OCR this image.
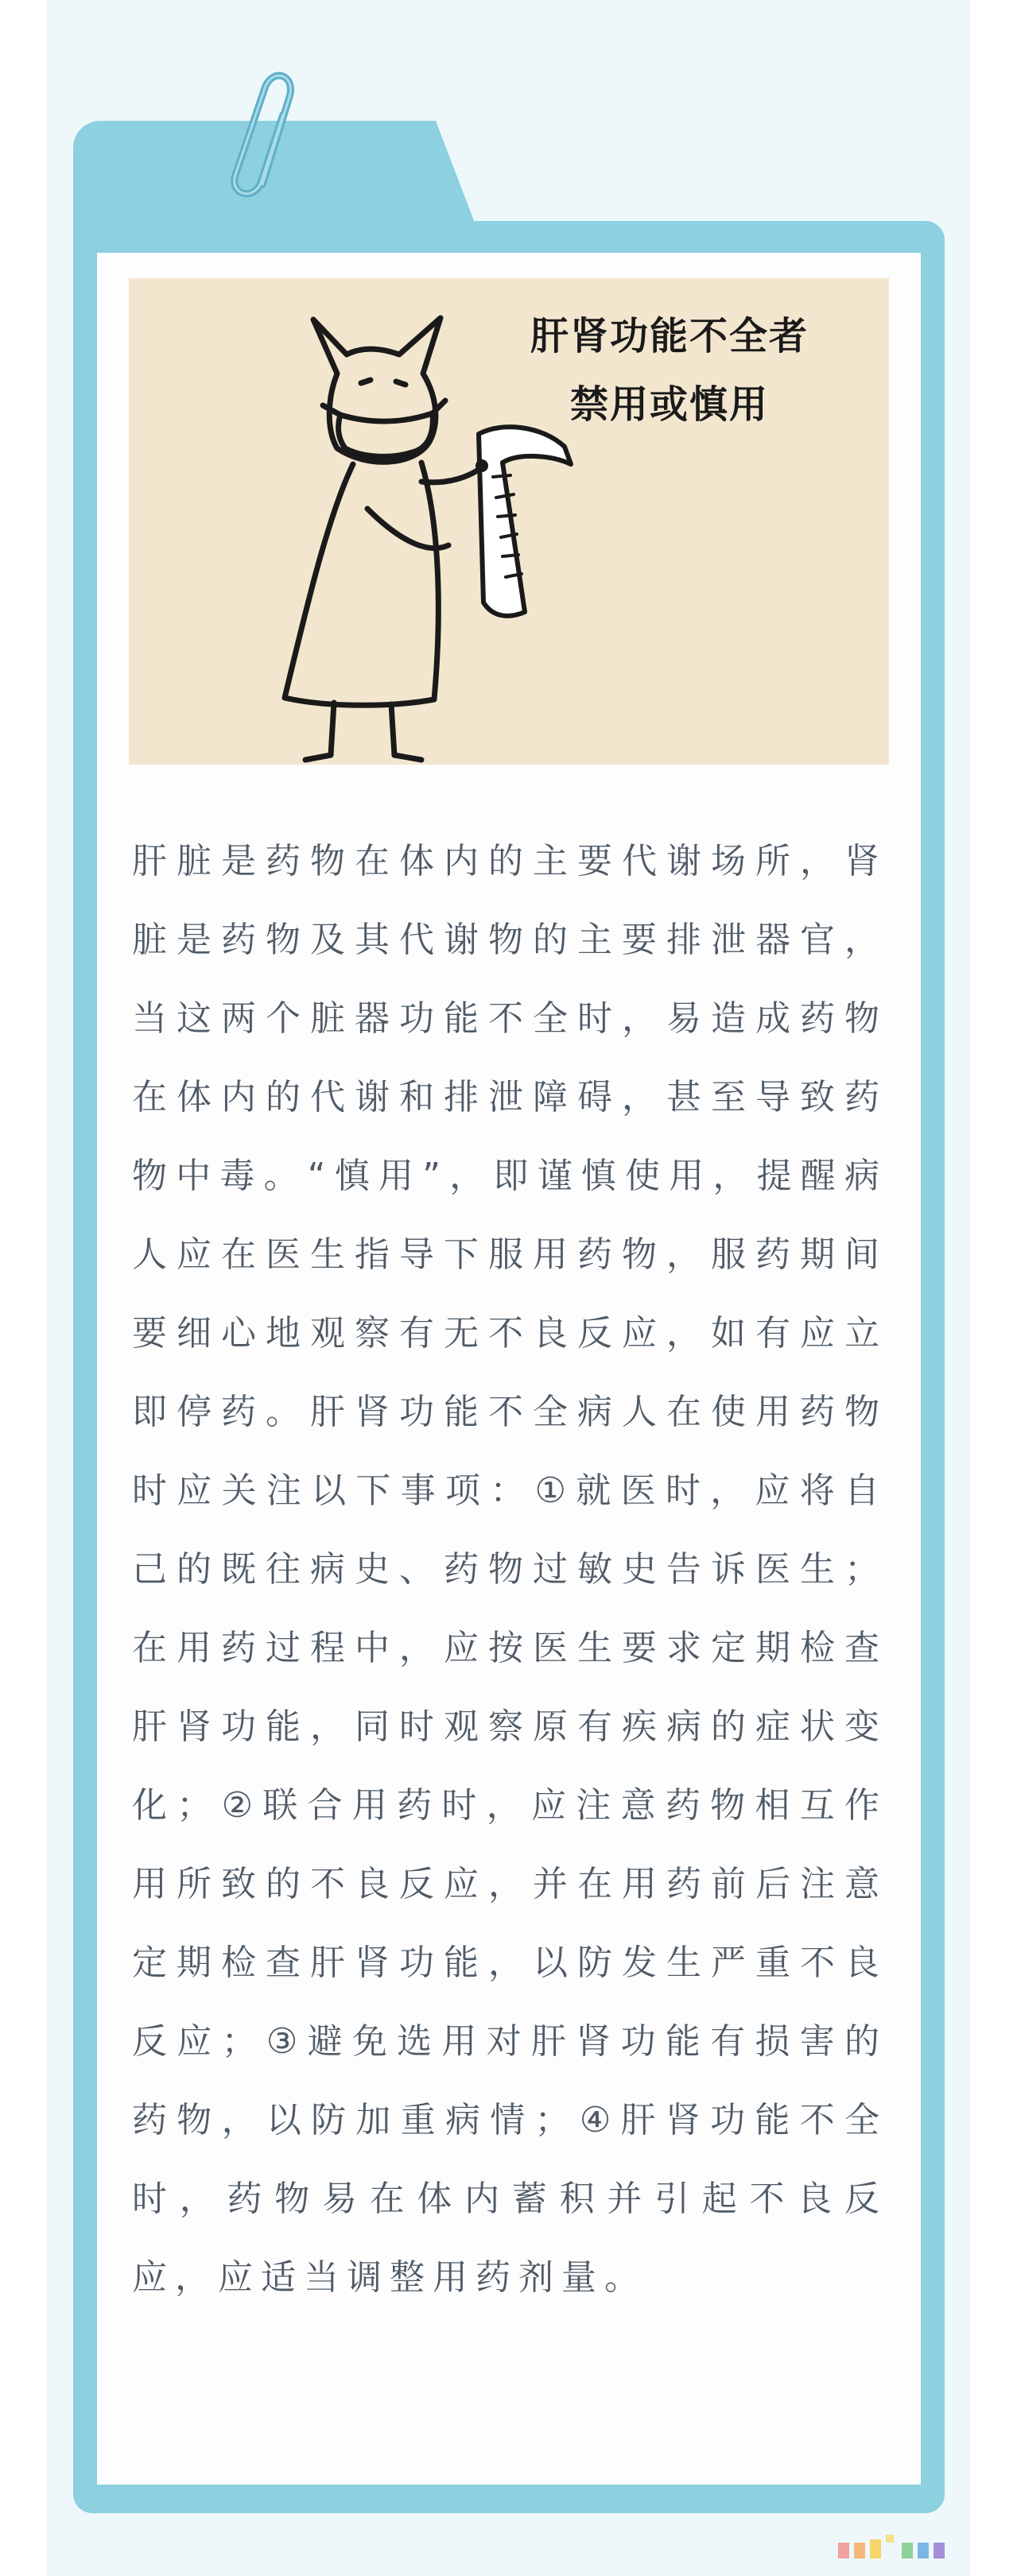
肝肾功能不全者
禁用或慎用

肝脏是药物在体内的主要代谢场所，肾脏是药物及其代谢物的主要排泄器官，当这两个脏器功能不全时，易造成药物在体内的代谢和排泄障碍，甚至导致药物中毒。“慎用”，即谨慎使用，提醒病人应在医生指导下服用药物，服药期间要细心地观察有无不良反应，如有应立即停药。肝肾功能不全病人在使用药物时应关注以下事项：①就医时，应将自己的既往病史、药物过敏史告诉医生；在用药过程中，应按医生要求定期检查肝肾功能，同时观察原有疾病的症状变化；②联合用药时，应注意药物相互作用所致的不良反应，并在用药前后注意定期检查肝肾功能，以防发生严重不良反应；③避免选用对肝肾功能有损害的药物，以防加重病情；④肝肾功能不全时，药物易在体内蓄积并引起不良反应，应适当调整用药剂量。
